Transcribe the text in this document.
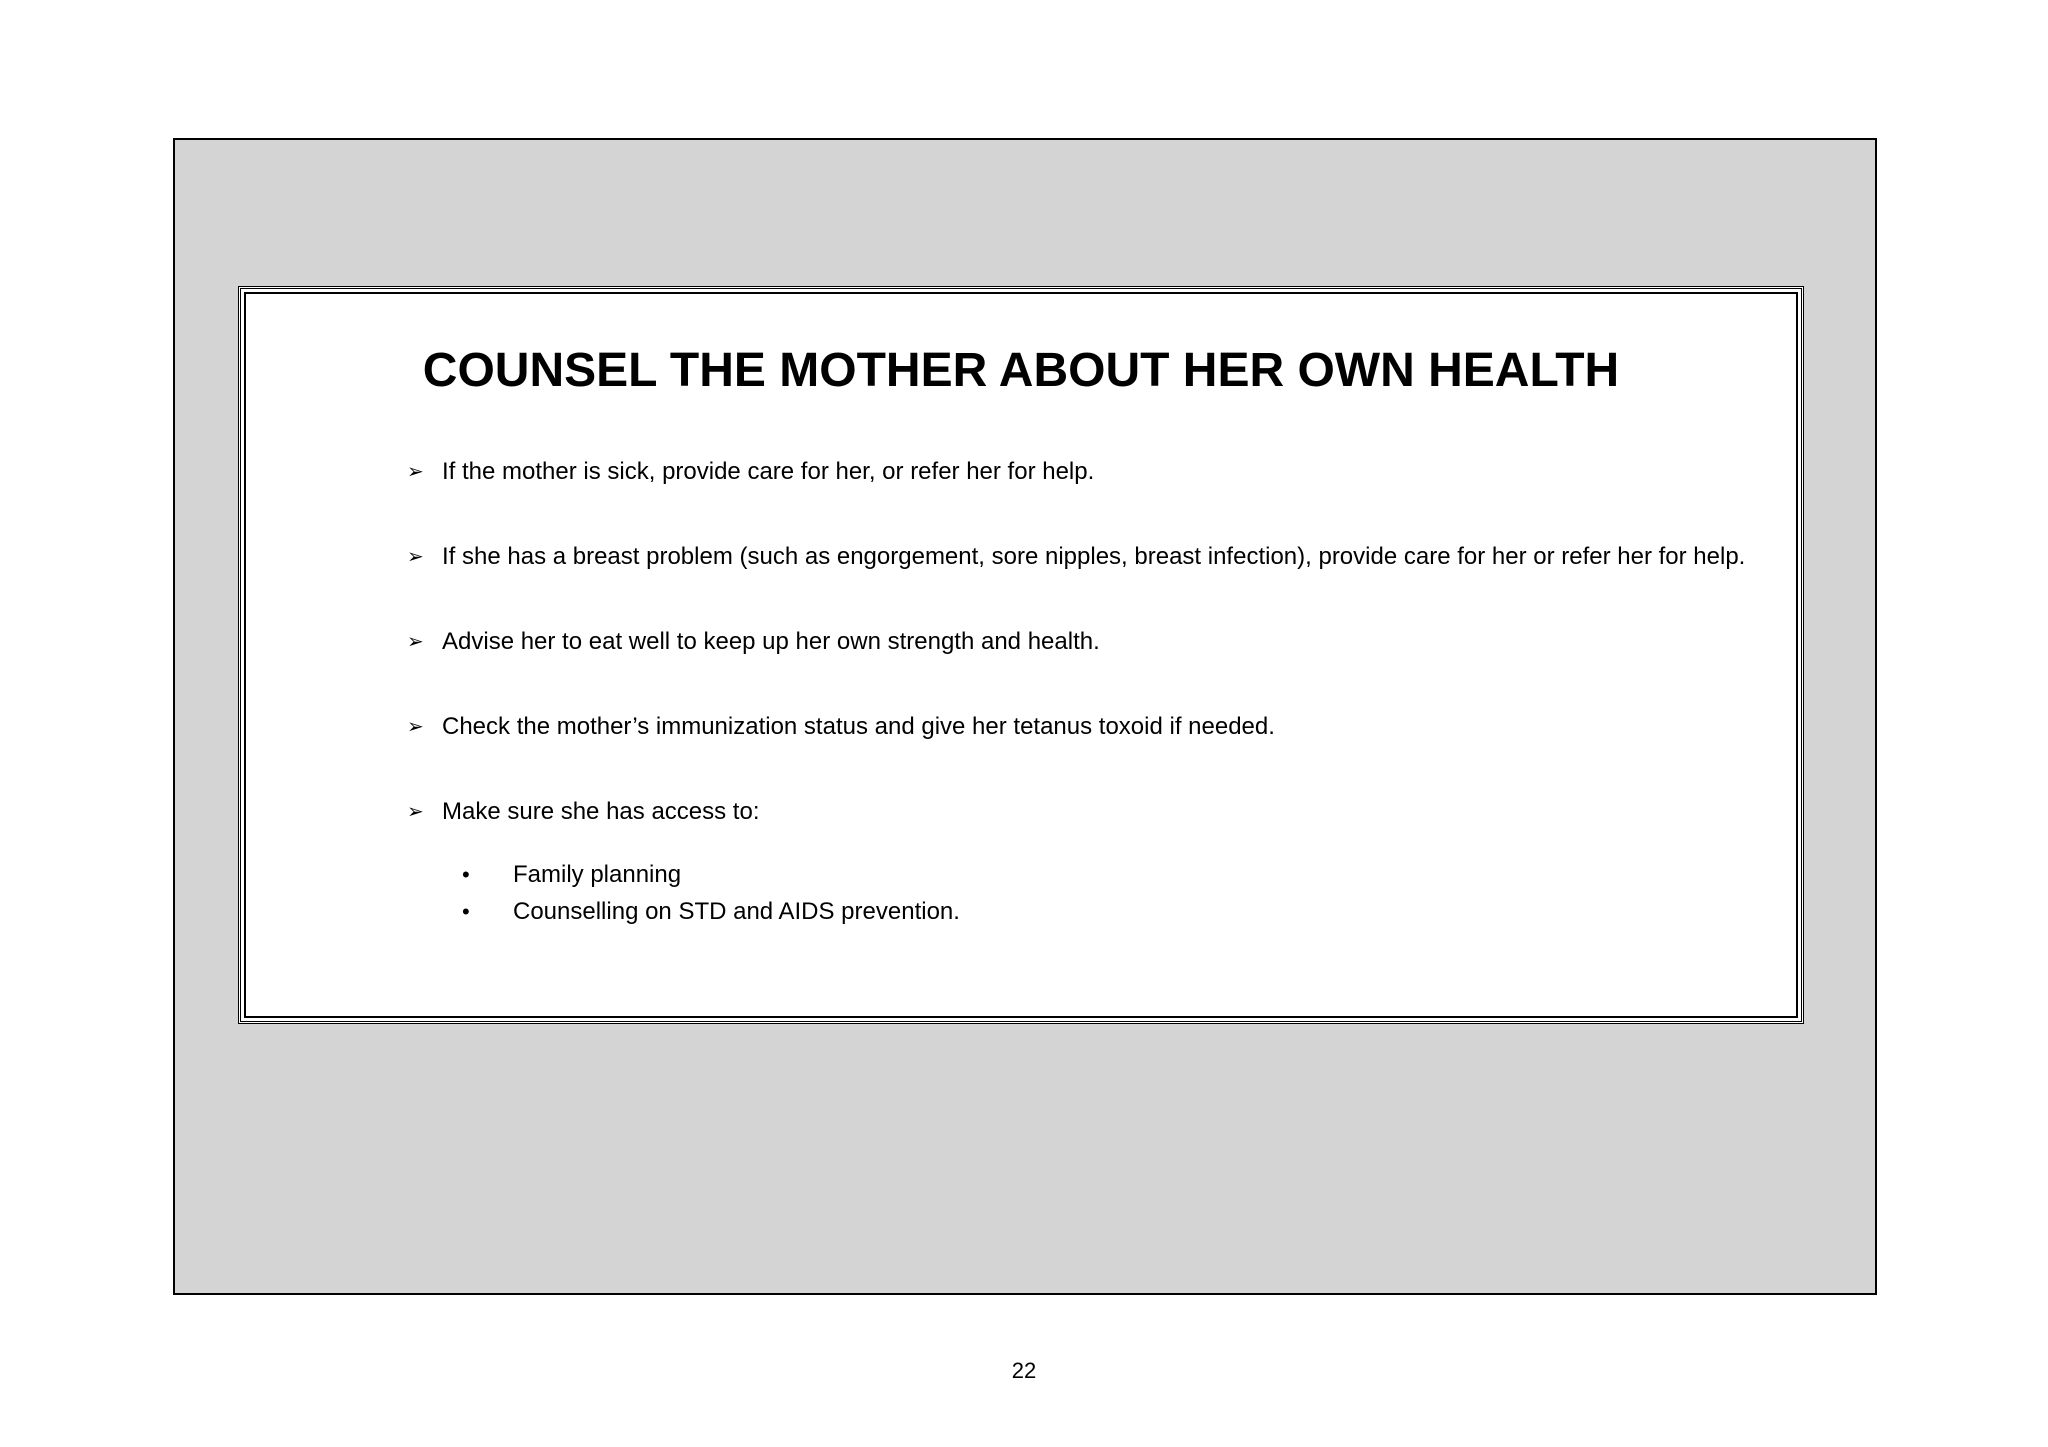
COUNSEL THE MOTHER ABOUT HER OWN HEALTH
➢ If the mother is sick, provide care for her, or refer her for help.
➢ If she has a breast problem (such as engorgement, sore nipples, breast infection), provide care for her or refer her for help.
➢ Advise her to eat well to keep up her own strength and health.
➢ Check the mother’s immunization status and give her tetanus toxoid if needed.
➢ Make sure she has access to:
• Family planning
• Counselling on STD and AIDS prevention.
22
